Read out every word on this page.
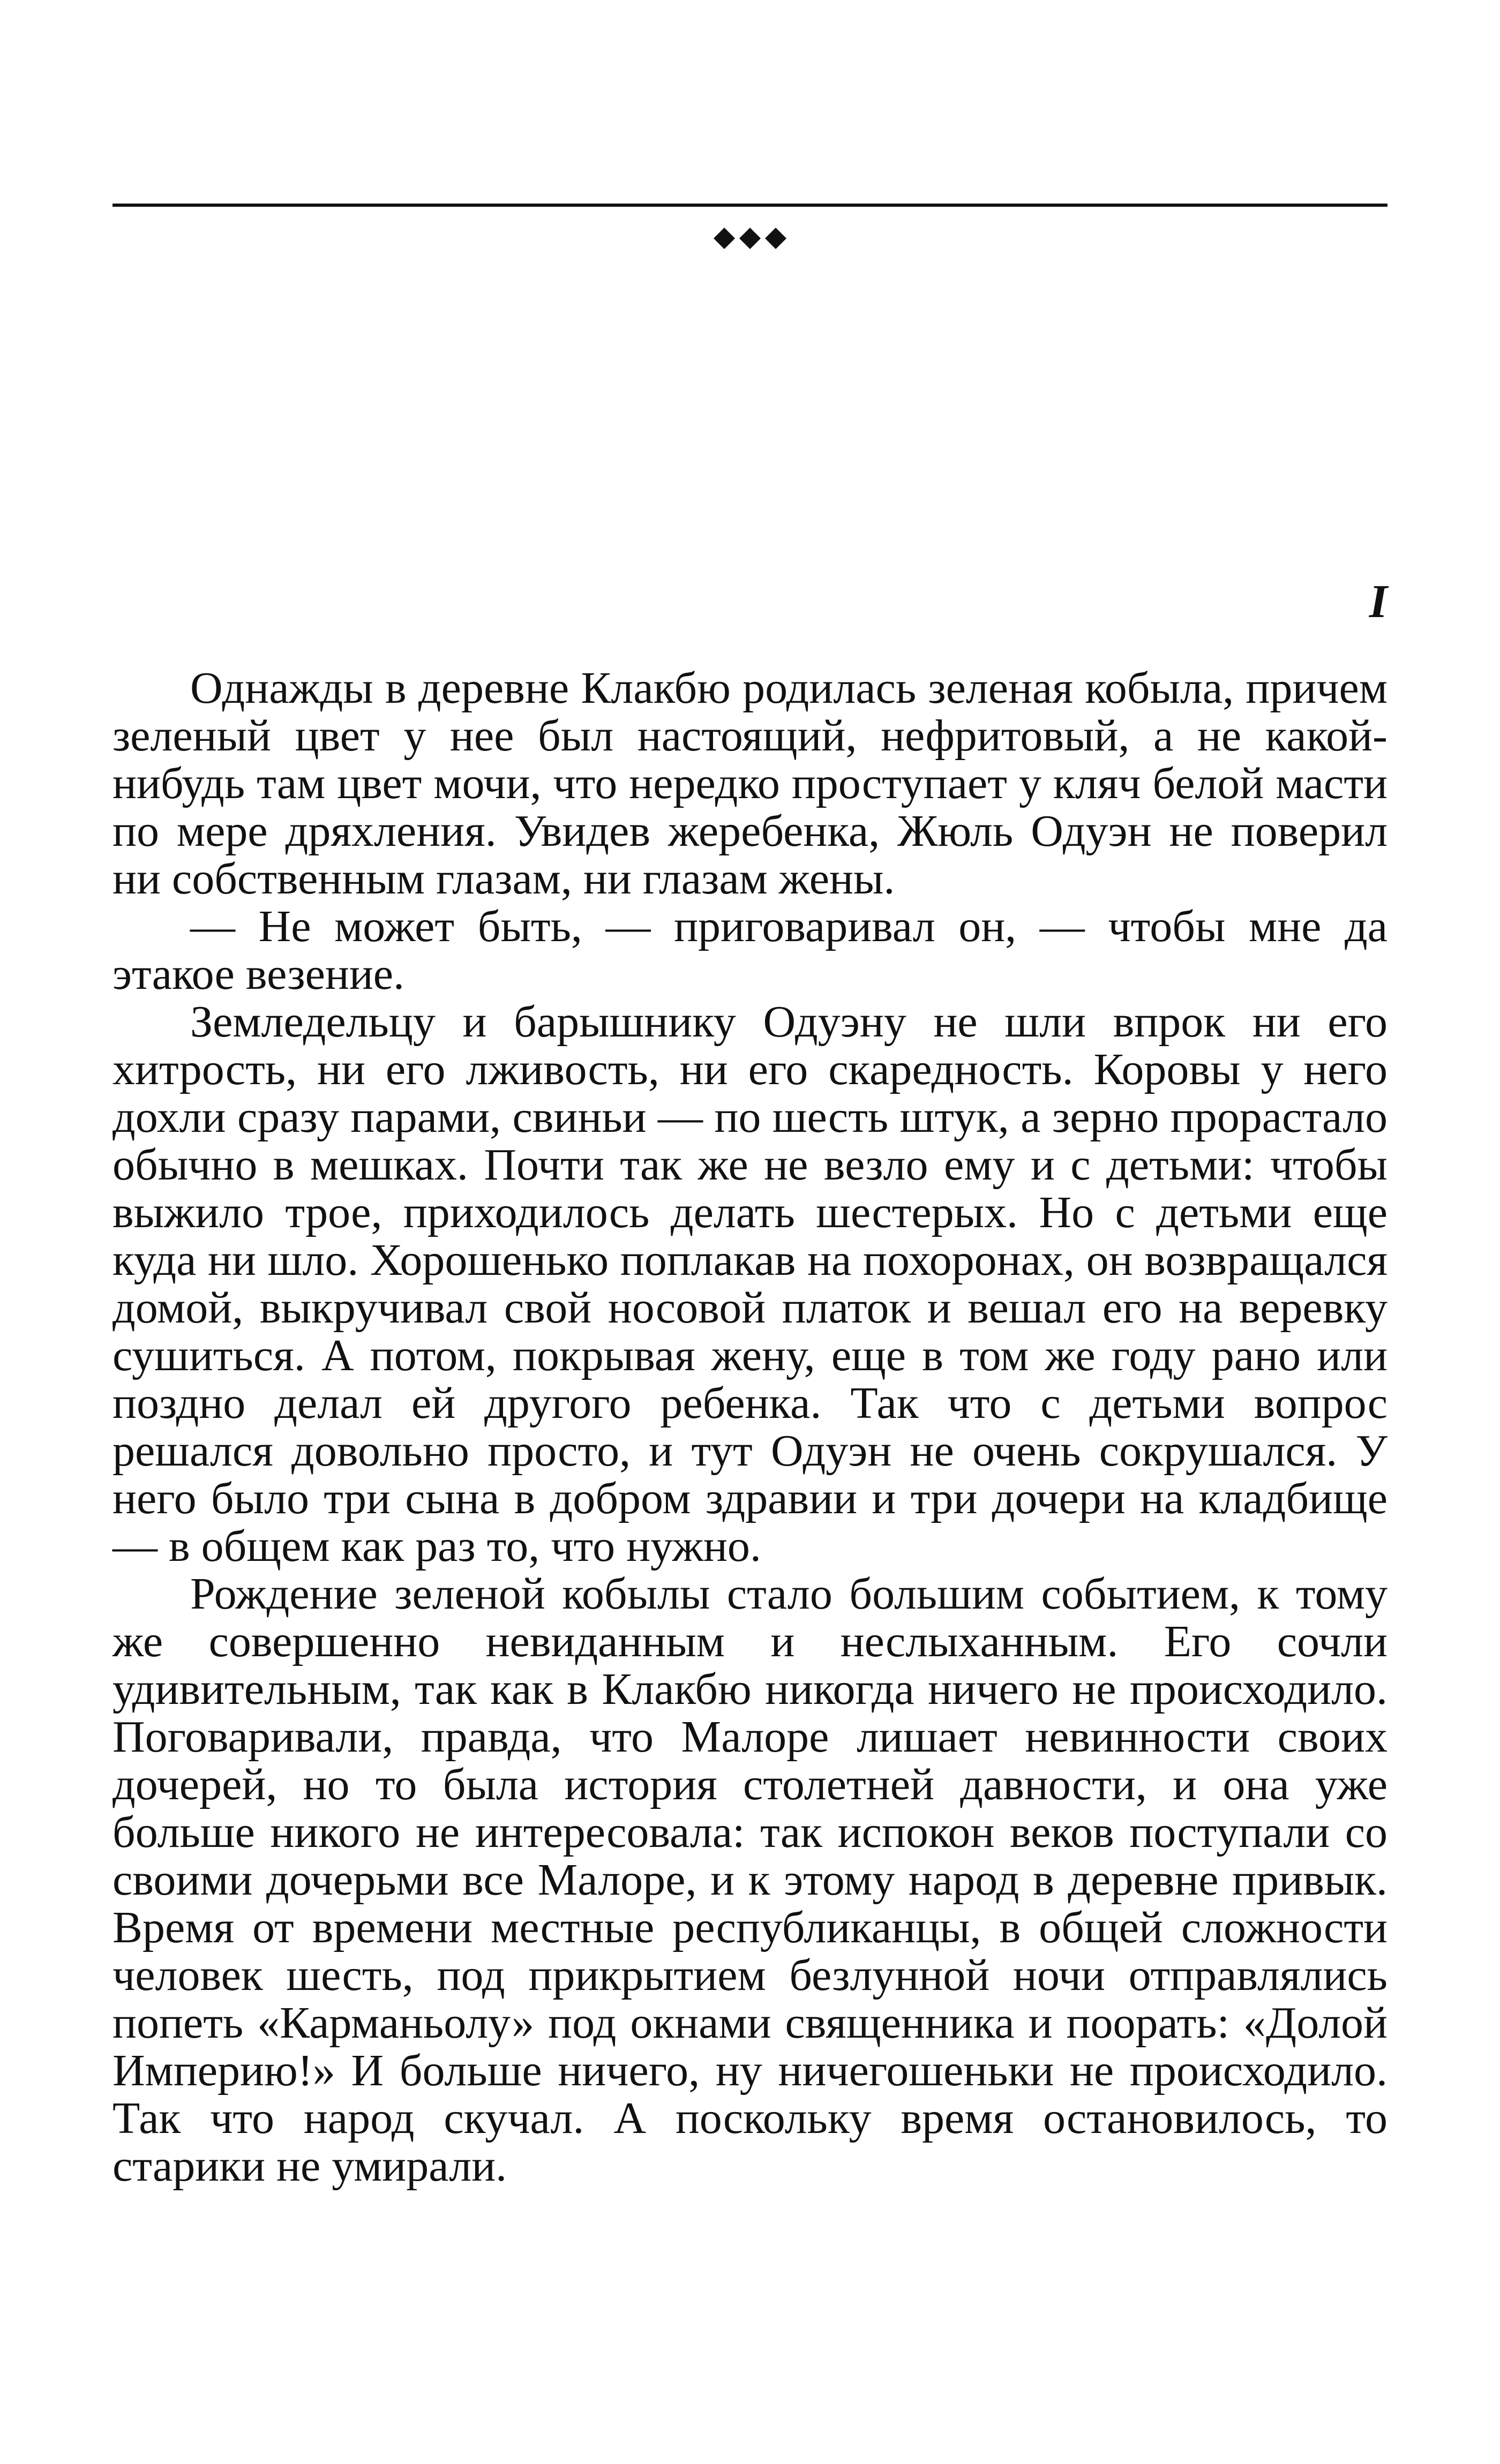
I

Однажды в деревне Клакбю родилась зеленая кобыла, причем зеленый цвет у нее был настоящий, нефритовый, а не какой-нибудь там цвет мочи, что нередко проступает у кляч белой масти по мере дряхления. Увидев жеребенка, Жюль Одуэн не поверил ни собственным глазам, ни глазам жены.

— Не может быть, — приговаривал он, — чтобы мне да этакое везение.

Земледельцу и барышнику Одуэну не шли впрок ни его хитрость, ни его лживость, ни его скаредность. Коровы у него дохли сразу парами, свиньи — по шесть штук, а зерно прорастало обычно в мешках. Почти так же не везло ему и с детьми: чтобы выжило трое, приходилось делать шестерых. Но с детьми еще куда ни шло. Хорошенько поплакав на похоронах, он возвращался домой, выкручивал свой носовой платок и вешал его на веревку сушиться. А потом, покрывая жену, еще в том же году рано или поздно делал ей другого ребенка. Так что с детьми вопрос решался довольно просто, и тут Одуэн не очень сокрушался. У него было три сына в добром здравии и три дочери на кладбище — в общем как раз то, что нужно.

Рождение зеленой кобылы стало большим событием, к тому же совершенно невиданным и неслыханным. Его сочли удивительным, так как в Клакбю никогда ничего не происходило. Поговаривали, правда, что Малоре лишает невинности своих дочерей, но то была история столетней давности, и она уже больше никого не интересовала: так испокон веков поступали со своими дочерьми все Малоре, и к этому народ в деревне привык. Время от времени местные республиканцы, в общей сложности человек шесть, под прикрытием безлунной ночи отправлялись попеть «Карманьолу» под окнами священника и поорать: «Долой Империю!» И больше ничего, ну ничегошеньки не происходило. Так что народ скучал. А поскольку время остановилось, то старики не умирали.
